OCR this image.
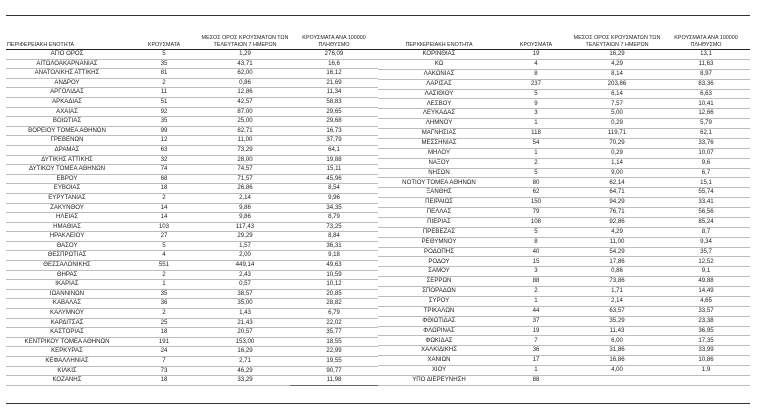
ΠΕΡΙΦΕΡΕΙΑΚΗ ΕΝΟΤΗΤΑ	ΚΡΟΥΣΜΑΤΑ	ΜΕΣΟΣ ΟΡΟΣ ΚΡΟΥΣΜΑΤΩΝ ΤΩΝ ΤΕΛΕΥΤΑΙΩΝ 7 ΗΜΕΡΩΝ	ΚΡΟΥΣΜΑΤΑ ΑΝΑ 100000 ΠΛΗΘΥΣΜΟ
ΑΓΙΟ ΟΡΟΣ	5	1,29	276,09
ΑΙΤΩΛΟΑΚΑΡΝΑΝΙΑΣ	35	43,71	16,6
ΑΝΑΤΟΛΙΚΗΣ ΑΤΤΙΚΗΣ	81	62,00	16,12
ΑΝΔΡΟΥ	2	0,86	21,69
ΑΡΓΟΛΙΔΑΣ	11	12,86	11,34
ΑΡΚΑΔΙΑΣ	51	42,57	58,83
ΑΧΑΪΑΣ	92	87,00	29,65
ΒΟΙΩΤΙΑΣ	35	25,00	29,68
ΒΟΡΕΙΟΥ ΤΟΜΕΑ ΑΘΗΝΩΝ	99	82,71	16,73
ΓΡΕΒΕΝΩΝ	12	11,00	37,79
ΔΡΑΜΑΣ	63	73,29	64,1
ΔΥΤΙΚΗΣ ΑΤΤΙΚΗΣ	32	28,00	19,88
ΔΥΤΙΚΟΥ ΤΟΜΕΑ ΑΘΗΝΩΝ	74	74,57	15,11
ΕΒΡΟΥ	68	71,57	45,96
ΕΥΒΟΙΑΣ	18	26,86	8,54
ΕΥΡΥΤΑΝΙΑΣ	2	2,14	9,96
ΖΑΚΥΝΘΟΥ	14	9,86	34,35
ΗΛΕΙΑΣ	14	9,86	8,79
ΗΜΑΘΙΑΣ	103	117,43	73,25
ΗΡΑΚΛΕΙΟΥ	27	29,29	8,84
ΘΑΣΟΥ	5	1,57	36,31
ΘΕΣΠΡΩΤΙΑΣ	4	2,00	9,18
ΘΕΣΣΑΛΟΝΙΚΗΣ	551	449,14	49,63
ΘΗΡΑΣ	2	2,43	10,59
ΙΚΑΡΙΑΣ	1	0,57	10,12
ΙΩΑΝΝΙΝΩΝ	35	38,57	20,85
ΚΑΒΑΛΑΣ	36	35,00	28,82
ΚΑΛΥΜΝΟΥ	2	1,43	6,79
ΚΑΡΔΙΤΣΑΣ	25	21,43	22,02
ΚΑΣΤΟΡΙΑΣ	18	20,57	35,77
ΚΕΝΤΡΙΚΟΥ ΤΟΜΕΑ ΑΘΗΝΩΝ	191	153,00	18,55
ΚΕΡΚΥΡΑΣ	24	16,29	22,99
ΚΕΦΑΛΛΗΝΙΑΣ	7	2,71	19,55
ΚΙΛΚΙΣ	73	46,29	90,77
ΚΟΖΑΝΗΣ	18	33,29	11,98
ΠΕΡΙΦΕΡΕΙΑΚΗ ΕΝΟΤΗΤΑ	ΚΡΟΥΣΜΑΤΑ	ΜΕΣΟΣ ΟΡΟΣ ΚΡΟΥΣΜΑΤΩΝ ΤΩΝ ΤΕΛΕΥΤΑΙΩΝ 7 ΗΜΕΡΩΝ	ΚΡΟΥΣΜΑΤΑ ΑΝΑ 100000 ΠΛΗΘΥΣΜΟ
ΚΟΡΙΝΘΙΑΣ	19	16,29	13,1
ΚΩ	4	4,29	11,63
ΛΑΚΩΝΙΑΣ	8	8,14	8,97
ΛΑΡΙΣΑΣ	237	203,86	83,36
ΛΑΣΙΘΙΟΥ	5	6,14	6,63
ΛΕΣΒΟΥ	9	7,57	10,41
ΛΕΥΚΑΔΑΣ	3	5,00	12,66
ΛΗΜΝΟΥ	1	0,29	5,79
ΜΑΓΝΗΣΙΑΣ	118	119,71	62,1
ΜΕΣΣΗΝΙΑΣ	54	70,29	33,76
ΜΗΛΟΥ	1	0,29	10,07
ΝΑΞΟΥ	2	1,14	9,6
ΝΗΣΩΝ	5	9,00	6,7
ΝΟΤΙΟΥ ΤΟΜΕΑ ΑΘΗΝΩΝ	80	62,14	15,1
ΞΑΝΘΗΣ	62	64,71	55,74
ΠΕΙΡΑΙΩΣ	150	94,29	33,41
ΠΕΛΛΑΣ	79	76,71	56,56
ΠΙΕΡΙΑΣ	108	92,86	85,24
ΠΡΕΒΕΖΑΣ	5	4,29	8,7
ΡΕΘΥΜΝΟΥ	8	11,00	9,34
ΡΟΔΟΠΗΣ	40	54,29	35,7
ΡΟΔΟΥ	15	17,86	12,52
ΣΑΜΟΥ	3	0,86	9,1
ΣΕΡΡΩΝ	88	73,86	49,88
ΣΠΟΡΑΔΩΝ	2	1,71	14,49
ΣΥΡΟΥ	1	2,14	4,65
ΤΡΙΚΑΛΩΝ	44	63,57	33,57
ΦΘΙΩΤΙΔΑΣ	37	35,29	23,38
ΦΛΩΡΙΝΑΣ	19	11,43	36,95
ΦΩΚΙΔΑΣ	7	6,00	17,35
ΧΑΛΚΙΔΙΚΗΣ	36	31,86	33,99
ΧΑΝΙΩΝ	17	16,86	10,86
ΧΙΟΥ	1	4,00	1,9
ΥΠΟ ΔΙΕΡΕΥΝΗΣΗ	88		
